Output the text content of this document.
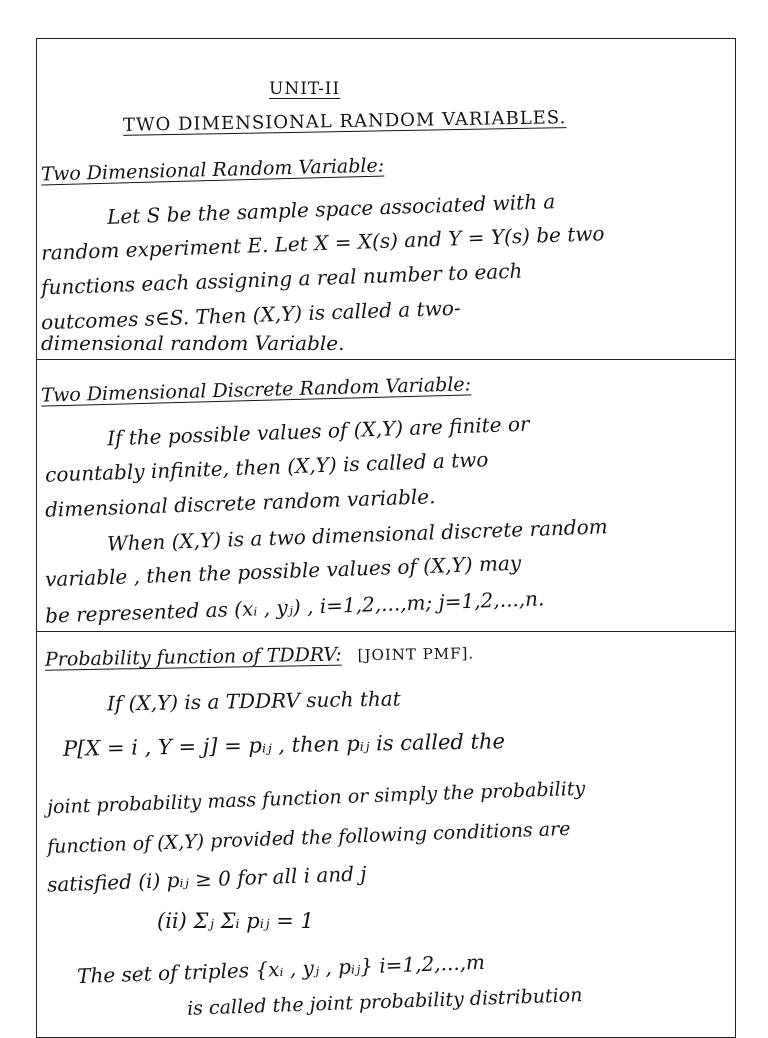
UNIT-II
TWO DIMENSIONAL RANDOM VARIABLES.
Two Dimensional Random Variable:
Let S be the sample space associated with a
random experiment E. Let X = X(s) and Y = Y(s) be two
functions each assigning a real number to each
outcomes s∈S. Then (X,Y) is called a two-
dimensional random Variable.
Two Dimensional Discrete Random Variable:
If the possible values of (X,Y) are finite or
countably infinite, then (X,Y) is called a two
dimensional discrete random variable.
When (X,Y) is a two dimensional discrete random
variable , then the possible values of (X,Y) may
be represented as (xᵢ , yⱼ) , i=1,2,...,m; j=1,2,...,n.
Probability function of TDDRV: [JOINT PMF].
If (X,Y) is a TDDRV such that
P[X = i , Y = j] = pᵢⱼ , then pᵢⱼ is called the
joint probability mass function or simply the probability
function of (X,Y) provided the following conditions are
satisfied (i) pᵢⱼ ≥ 0 for all i and j
(ii) Σⱼ Σᵢ pᵢⱼ = 1
The set of triples {xᵢ , yⱼ , pᵢⱼ} i=1,2,...,m
is called the joint probability distribution
